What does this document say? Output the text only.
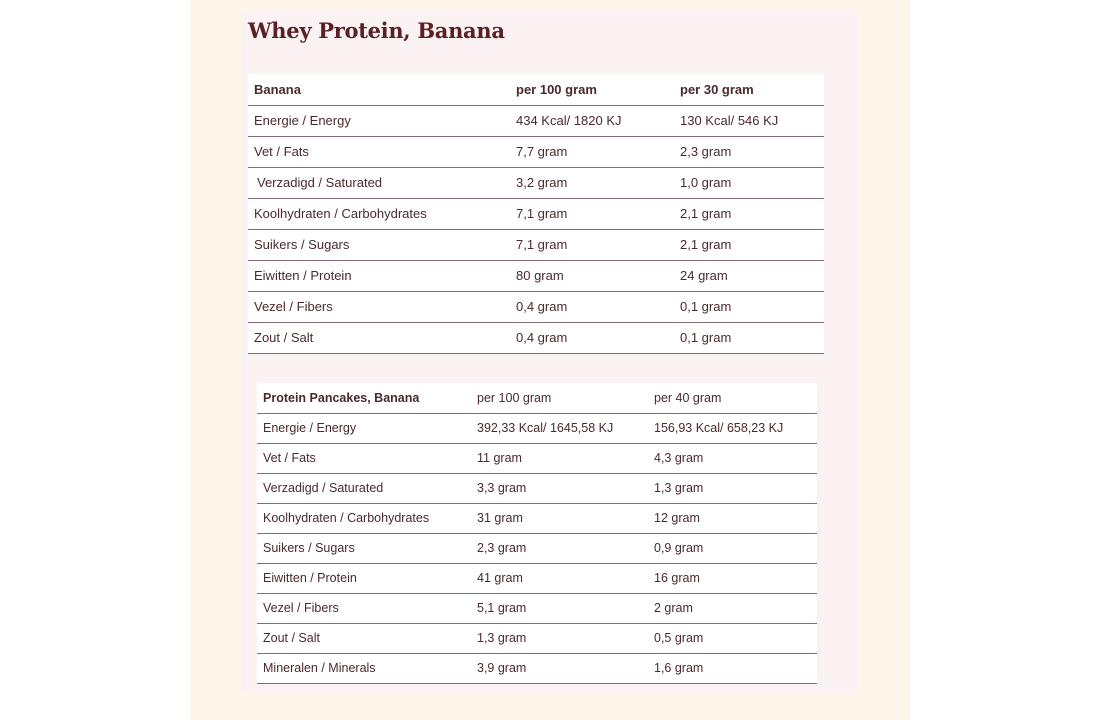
Whey Protein, Banana
Banana	per 100 gram	per 30 gram
Energie / Energy	434 Kcal/ 1820 KJ	130 Kcal/ 546 KJ
Vet / Fats	7,7 gram	2,3 gram
Verzadigd / Saturated	3,2 gram	1,0 gram
Koolhydraten / Carbohydrates	7,1 gram	2,1 gram
Suikers / Sugars	7,1 gram	2,1 gram
Eiwitten / Protein	80 gram	24 gram
Vezel / Fibers	0,4 gram	0,1 gram
Zout / Salt	0,4 gram	0,1 gram
Protein Pancakes, Banana	per 100 gram	per 40 gram
Energie / Energy	392,33 Kcal/ 1645,58 KJ	156,93 Kcal/ 658,23 KJ
Vet / Fats	11 gram	4,3 gram
Verzadigd / Saturated	3,3 gram	1,3 gram
Koolhydraten / Carbohydrates	31 gram	12 gram
Suikers / Sugars	2,3 gram	0,9 gram
Eiwitten / Protein	41 gram	16 gram
Vezel / Fibers	5,1 gram	2 gram
Zout / Salt	1,3 gram	0,5 gram
Mineralen / Minerals	3,9 gram	1,6 gram
